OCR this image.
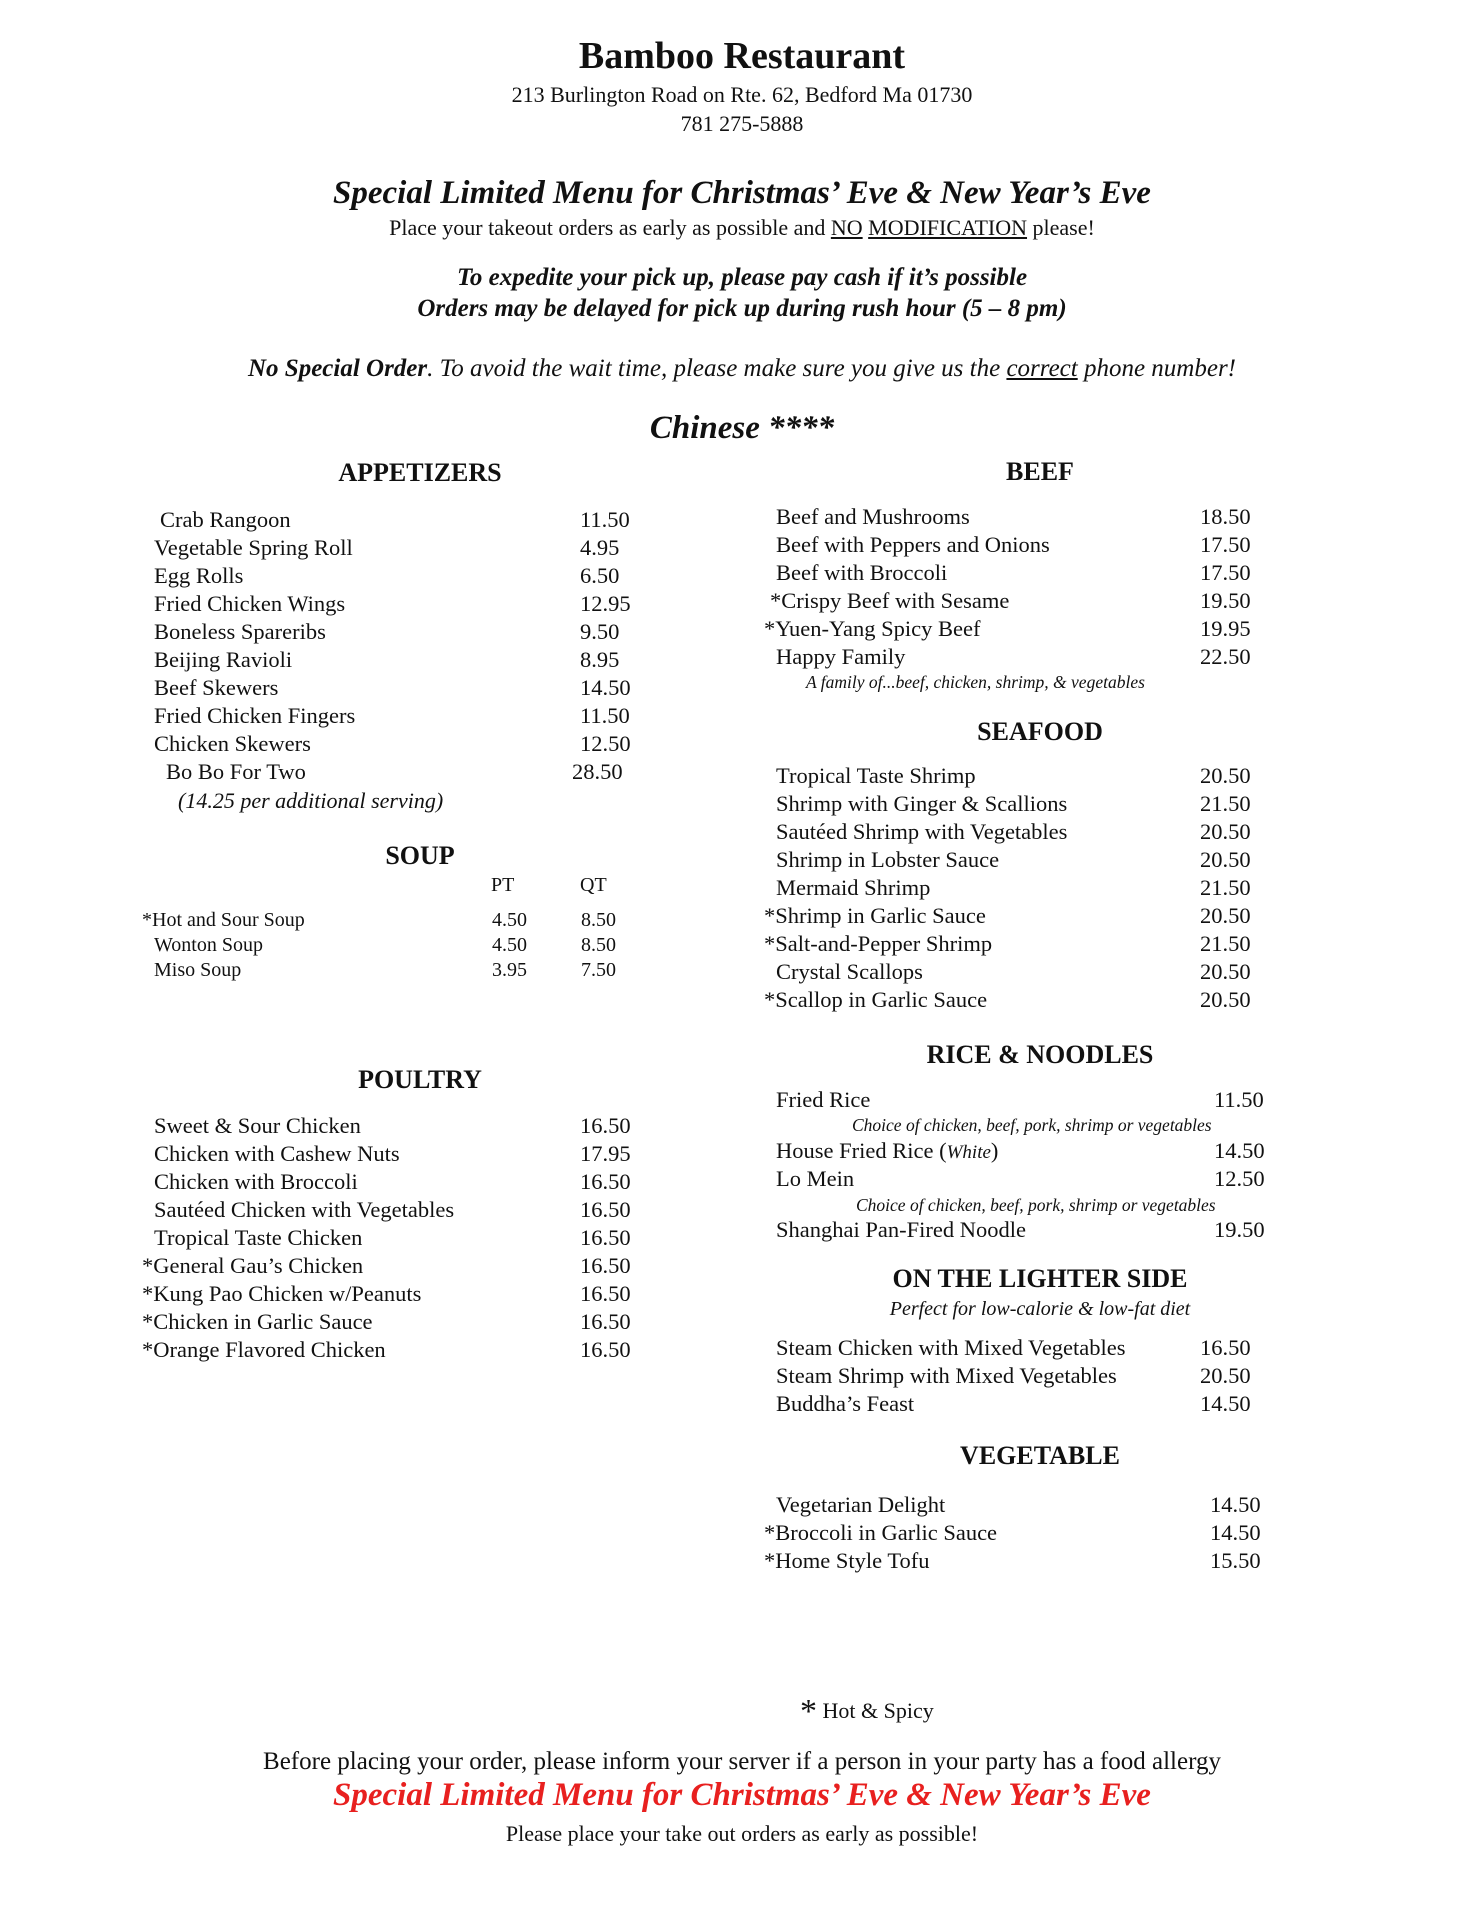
Bamboo Restaurant
213 Burlington Road on Rte. 62, Bedford Ma 01730
781 275-5888
Special Limited Menu for Christmas’ Eve & New Year’s Eve
Place your takeout orders as early as possible and NO MODIFICATION please!
To expedite your pick up, please pay cash if it’s possible
Orders may be delayed for pick up during rush hour (5 – 8 pm)
No Special Order. To avoid the wait time, please make sure you give us the correct phone number!
Chinese ****
APPETIZERS
Crab Rangoon	11.50
Vegetable Spring Roll	4.95
Egg Rolls	6.50
Fried Chicken Wings	12.95
Boneless Spareribs	9.50
Beijing Ravioli	8.95
Beef Skewers	14.50
Fried Chicken Fingers	11.50
Chicken Skewers	12.50
Bo Bo For Two	28.50
(14.25 per additional serving)
SOUP
PT	QT
*Hot and Sour Soup	4.50	8.50
Wonton Soup	4.50	8.50
Miso Soup	3.95	7.50
POULTRY
Sweet & Sour Chicken	16.50
Chicken with Cashew Nuts	17.95
Chicken with Broccoli	16.50
Sautéed Chicken with Vegetables	16.50
Tropical Taste Chicken	16.50
*General Gau’s Chicken	16.50
*Kung Pao Chicken w/Peanuts	16.50
*Chicken in Garlic Sauce	16.50
*Orange Flavored Chicken	16.50
BEEF
Beef and Mushrooms	18.50
Beef with Peppers and Onions	17.50
Beef with Broccoli	17.50
*Crispy Beef with Sesame	19.50
*Yuen-Yang Spicy Beef	19.95
Happy Family	22.50
A family of...beef, chicken, shrimp, & vegetables
SEAFOOD
Tropical Taste Shrimp	20.50
Shrimp with Ginger & Scallions	21.50
Sautéed Shrimp with Vegetables	20.50
Shrimp in Lobster Sauce	20.50
Mermaid Shrimp	21.50
*Shrimp in Garlic Sauce	20.50
*Salt-and-Pepper Shrimp	21.50
Crystal Scallops	20.50
*Scallop in Garlic Sauce	20.50
RICE & NOODLES
Fried Rice	11.50
Choice of chicken, beef, pork, shrimp or vegetables
House Fried Rice (White)	14.50
Lo Mein	12.50
Choice of chicken, beef, pork, shrimp or vegetables
Shanghai Pan-Fired Noodle	19.50
ON THE LIGHTER SIDE
Perfect for low-calorie & low-fat diet
Steam Chicken with Mixed Vegetables	16.50
Steam Shrimp with Mixed Vegetables	20.50
Buddha’s Feast	14.50
VEGETABLE
Vegetarian Delight	14.50
*Broccoli in Garlic Sauce	14.50
*Home Style Tofu	15.50
* Hot & Spicy
Before placing your order, please inform your server if a person in your party has a food allergy
Special Limited Menu for Christmas’ Eve & New Year’s Eve
Please place your take out orders as early as possible!
